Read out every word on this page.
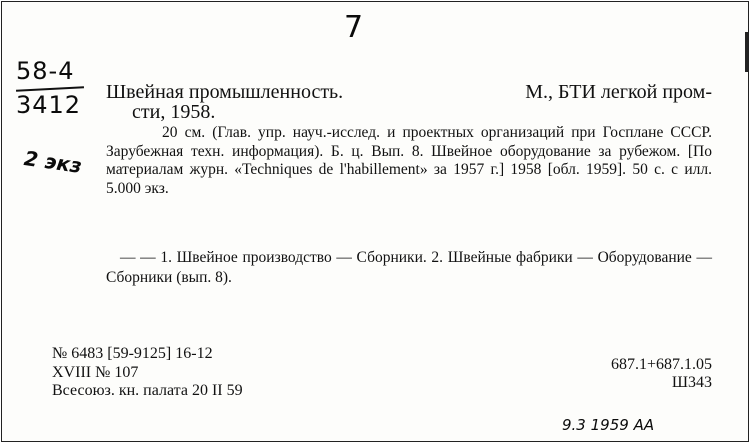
7
58-4
3412
2 экз
Швейная промышленность.	М., БТИ легкой пром-
сти, 1958.
20 см. (Глав. упр. науч.-исслед. и проектных организаций при Госплане СССР. Зарубежная техн. информация). Б. ц. Вып. 8. Швейное оборудование за рубежом. [По материалам журн. «Techniques de l'habillement» за 1957 г.] 1958 [обл. 1959]. 50 с. с илл. 5.000 экз.
— — 1. Швейное производство — Сборники. 2. Швейные фабрики — Оборудование — Сборники (вып. 8).
№ 6483 [59-9125] 16-12
XVIII № 107
Всесоюз. кн. палата 20 II 59
687.1+687.1.05
Ш343
9.3 1959 АА
